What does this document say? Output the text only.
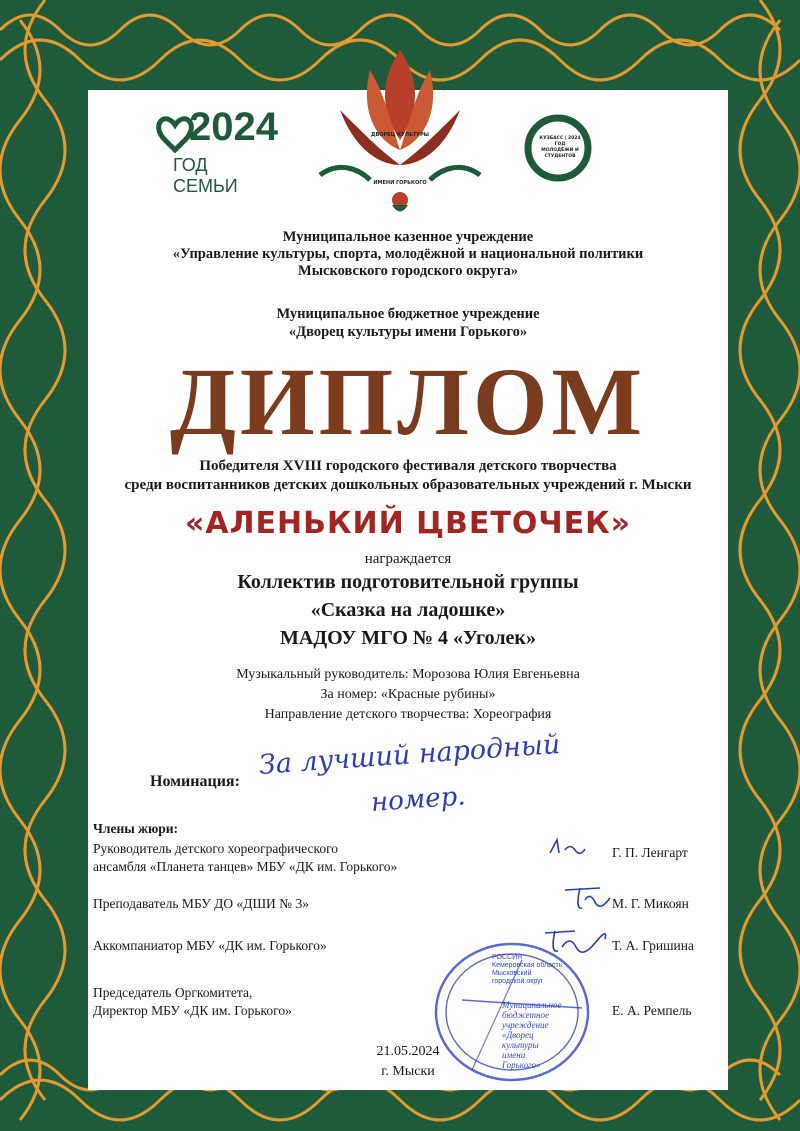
2024
ГОД СЕМЬИ
ДВОРЕЦ КУЛЬТУРЫ
ИМЕНИ ГОРЬКОГО
КУЗБАСС | 2024 ГОД МОЛОДЁЖИ И СТУДЕНТОВ
Муниципальное казенное учреждение
«Управление культуры, спорта, молодёжной и национальной политики
Мысковского городского округа»
Муниципальное бюджетное учреждение
«Дворец культуры имени Горького»
ДИПЛОМ
Победителя XVIII городского фестиваля детского творчества
среди воспитанников детских дошкольных образовательных учреждений г. Мыски
«АЛЕНЬКИЙ ЦВЕТОЧЕК»
награждается
Коллектив подготовительной группы
«Сказка на ладошке»
МАДОУ МГО № 4 «Уголек»
Музыкальный руководитель: Морозова Юлия Евгеньевна
За номер: «Красные рубины»
Направление детского творчества: Хореография
Номинация:
За лучший народный
номер.
Члены жюри:
Руководитель детского хореографического
ансамбля «Планета танцев» МБУ «ДК им. Горького»
Г. П. Ленгарт
Преподаватель МБУ ДО «ДШИ № 3»	М. Г. Микоян
Аккомпаниатор МБУ «ДК им. Горького»	Т. А. Гришина
Председатель Оргкомитета,
Директор МБУ «ДК им. Горького»	Е. А. Ремпель
РОССИЯ
Кемеровская область
Мысковский
городской округ
Муниципальное
бюджетное
учреждение
«Дворец
культуры
имени
Горького»
21.05.2024
г. Мыски
